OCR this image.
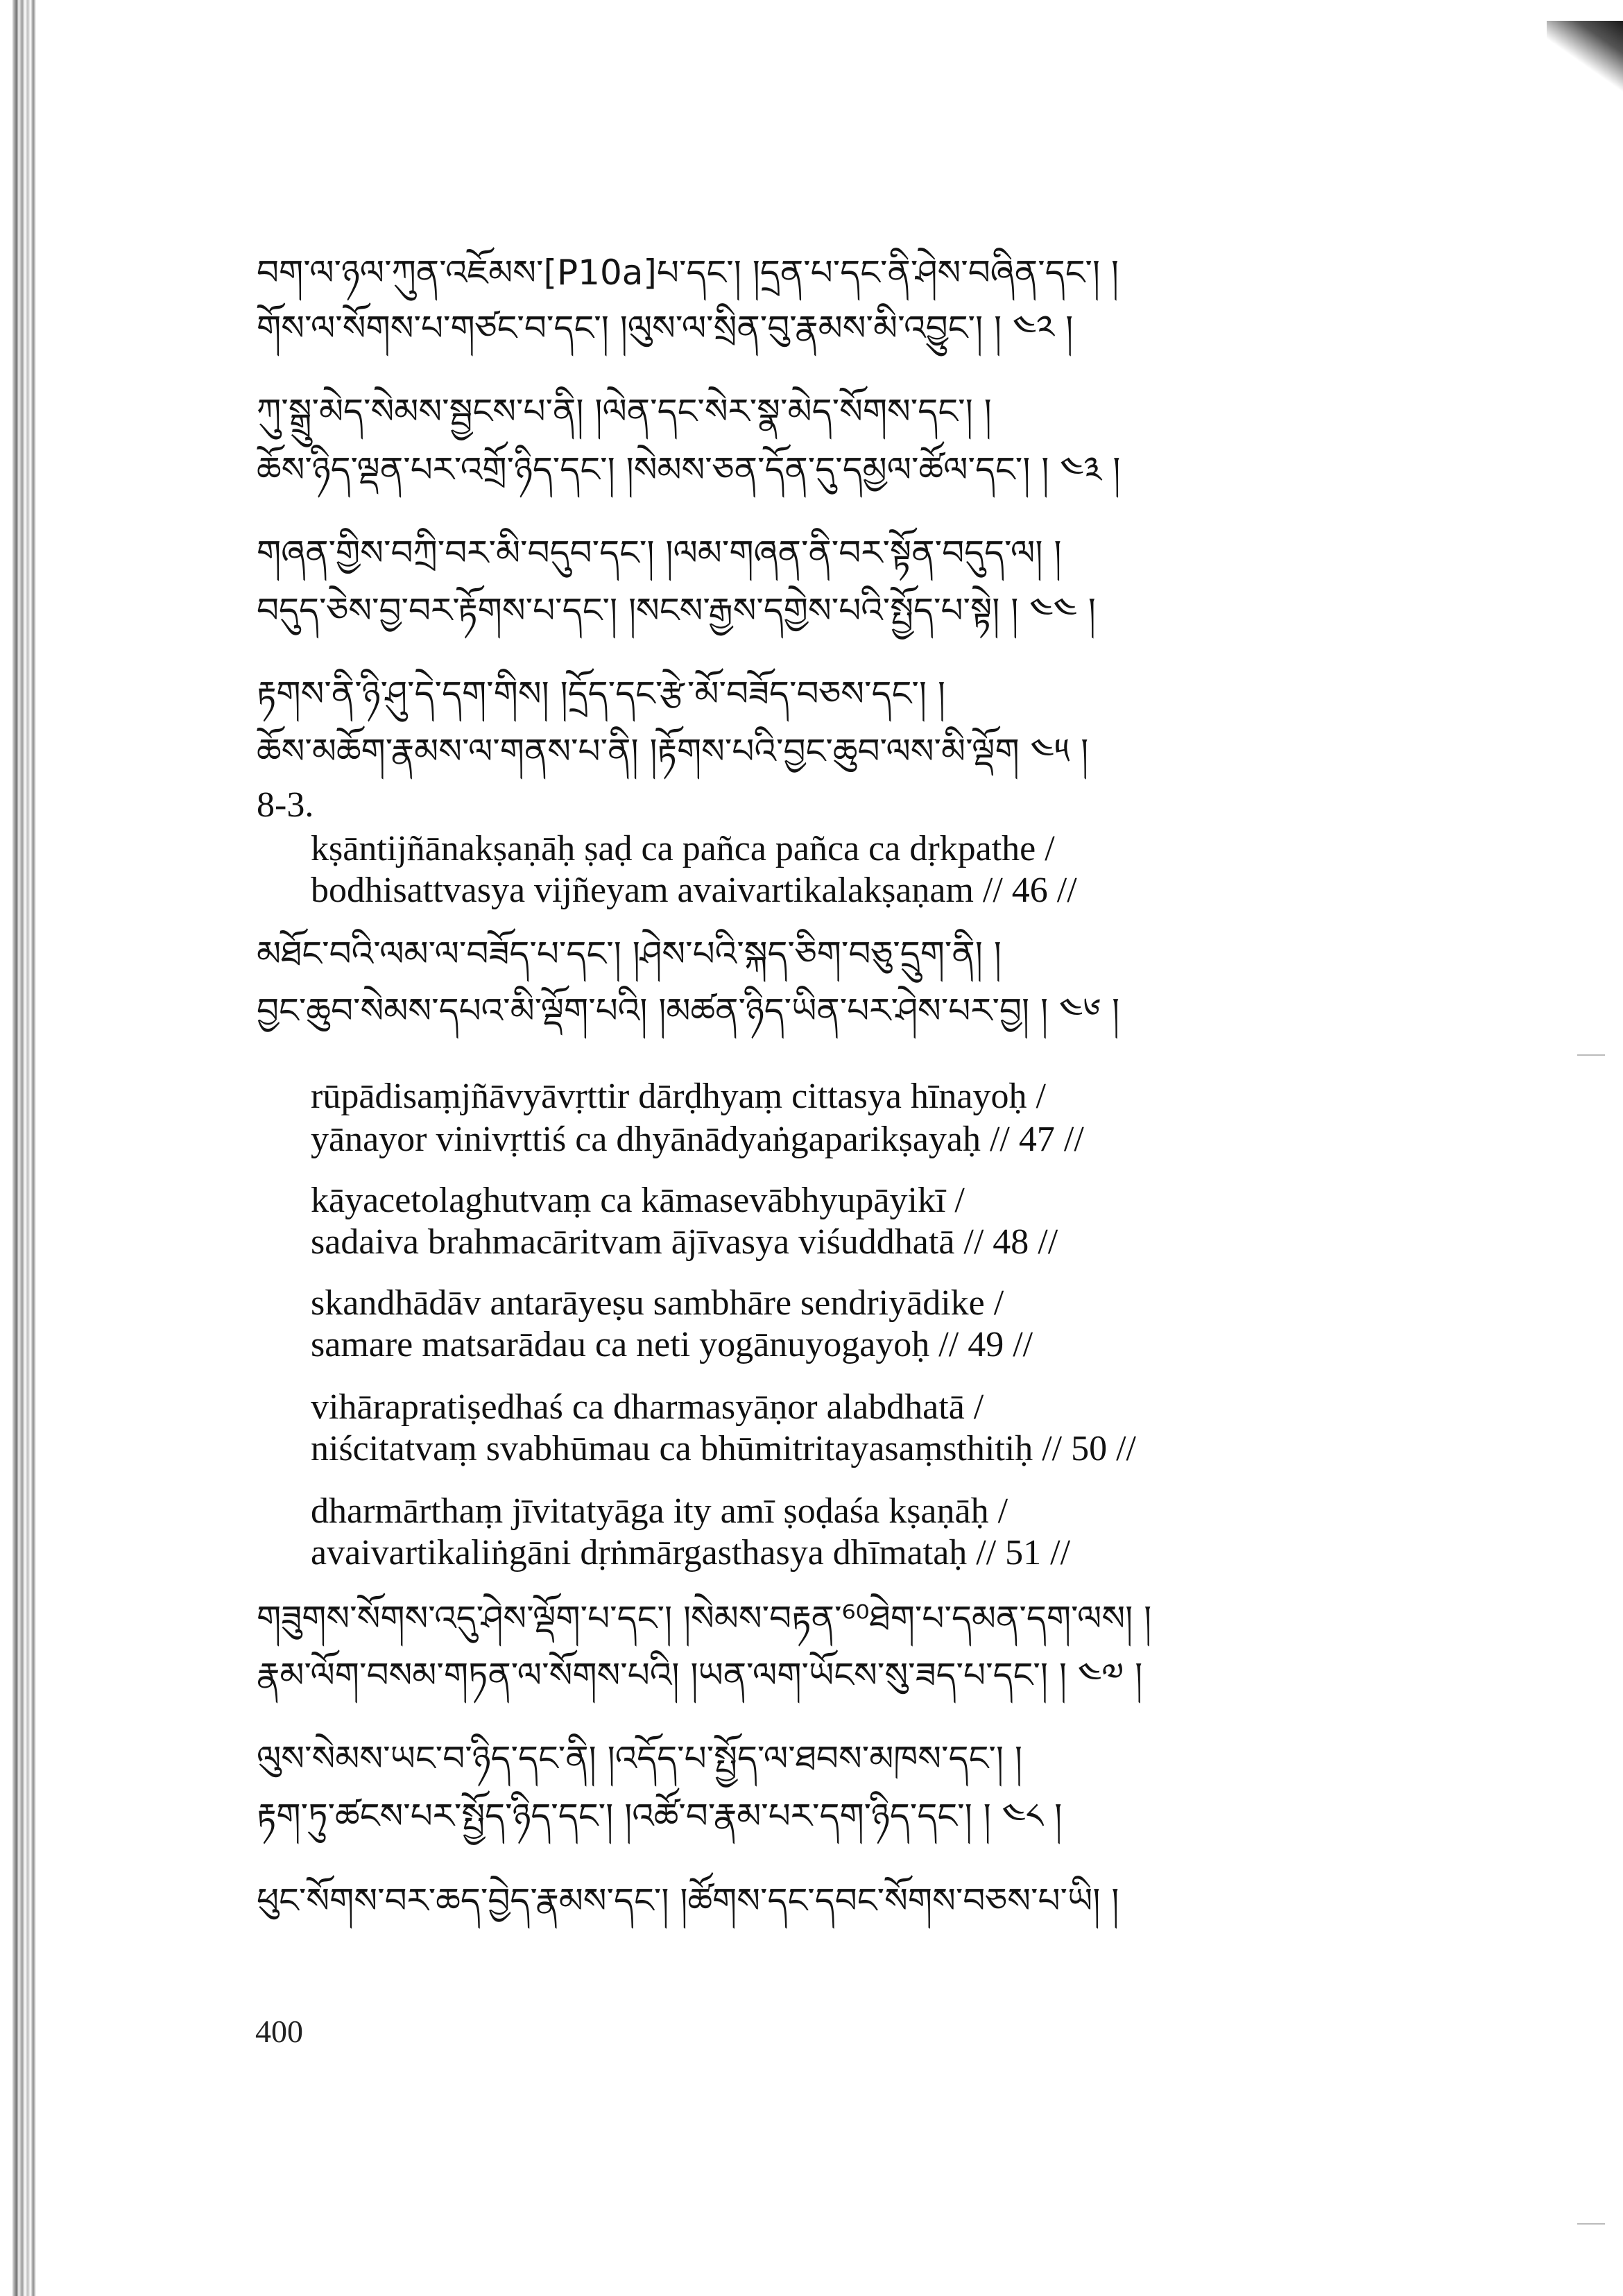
བག་ལ་ཉལ་ཀུན་འཇོམས་[P10a]པ་དང་། །དྲན་པ་དང་ནི་ཤེས་བཞིན་དང་། །
གོས་ལ་སོགས་པ་གཙང་བ་དང་། །ལུས་ལ་སྲིན་བུ་རྣམས་མི་འབྱུང་། ། ༤༢ །
ཀུ་སྒྲུ་མེད་སེམས་སྦྱངས་པ་ནི། །ལེན་དང་སེར་སྣ་མེད་སོགས་དང་། །
ཆོས་ཉིད་ལྡན་པར་འགྲོ་ཉིད་དང་། །སེམས་ཅན་དོན་དུ་དམྱལ་ཚོལ་དང་། ། ༤༣ །
གཞན་གྱིས་བཀྲི་བར་མི་བདུབ་དང་། །ལམ་གཞན་ནི་བར་སྟོན་བདུད་ལ། །
བདུད་ཅེས་བྱ་བར་རྟོགས་པ་དང་། །སངས་རྒྱས་དགྱེས་པའི་སྤྱོད་པ་སྟེ། ། ༤༤ །
རྟགས་ནི་ཉི་ཤུ་དེ་དག་གིས། །དྲོད་དང་རྩེ་མོ་བཟོད་བཅས་དང་། །
ཆོས་མཆོག་རྣམས་ལ་གནས་པ་ནི། །རྟོགས་པའི་བྱང་ཆུབ་ལས་མི་ལྡོག ༤༥ །
8-3.
kṣāntijñānakṣaṇāḥ ṣaḍ ca pañca pañca ca dṛkpathe /
bodhisattvasya vijñeyam avaivartikalakṣaṇam // 46 //
མཐོང་བའི་ལམ་ལ་བཟོད་པ་དང་། །ཤེས་པའི་སྐད་ཅིག་བཅུ་དྲུག་ནི། །
བྱང་ཆུབ་སེམས་དཔའ་མི་ལྡོག་པའི། །མཚན་ཉིད་ཡིན་པར་ཤེས་པར་བྱ། ། ༤༦ །
rūpādisaṃjñāvyāvṛttir dārḍhyaṃ cittasya hīnayoḥ /
yānayor vinivṛttiś ca dhyānādyaṅgaparikṣayaḥ // 47 //
kāyacetolaghutvaṃ ca kāmasevābhyupāyikī /
sadaiva brahmacāritvam ājīvasya viśuddhatā // 48 //
skandhādāv antarāyeṣu sambhāre sendriyādike /
samare matsarādau ca neti yogānuyogayoḥ // 49 //
vihārapratiṣedhaś ca dharmasyāṇor alabdhatā /
niścitatvaṃ svabhūmau ca bhūmitritayasaṃsthitiḥ // 50 //
dharmārthaṃ jīvitatyāga ity amī ṣoḍaśa kṣaṇāḥ /
avaivartikaliṅgāni dṛṅmārgasthasya dhīmataḥ // 51 //
གཟུགས་སོགས་འདུ་ཤེས་ལྡོག་པ་དང་། །སེམས་བརྟན་⁶⁰ཐེག་པ་དམན་དག་ལས། །
རྣམ་ལོག་བསམ་གཏན་ལ་སོགས་པའི། །ཡན་ལག་ཡོངས་སུ་ཟད་པ་དང་། ། ༤༧ །
ལུས་སེམས་ཡང་བ་ཉིད་དང་ནི། །འདོད་པ་སྤྱོད་ལ་ཐབས་མཁས་དང་། །
རྟག་ཏུ་ཚངས་པར་སྤྱོད་ཉིད་དང་། །འཚོ་བ་རྣམ་པར་དག་ཉིད་དང་། ། ༤༨ །
ཕུང་སོགས་བར་ཆད་བྱེད་རྣམས་དང་། །ཚོགས་དང་དབང་སོགས་བཅས་པ་ཡི། །
400
